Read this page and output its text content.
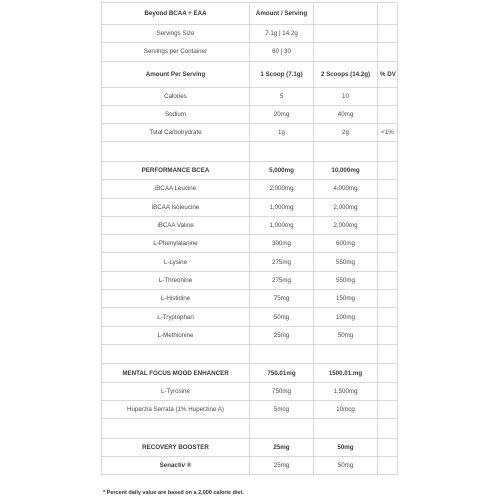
Beyond BCAA + EAA	Amount / Serving		
Servings Size	7.1g | 14.2g		
Servings per Container	60 | 30		
Amount Per Serving	1 Scoop (7.1g)	2 Scoops (14.2g)	% DV
Calories	5	10	
Sodium	20mg	40mg	
Total Carbohydrate	1g	2g	<1%

PERFORMANCE BCEA	5,000mg	10,000mg	
iBCAA Leucine	2,000mg	4,000mg	
iBCAA Isoleucine	1,000mg	2,000mg	
iBCAA Valine	1,000mg	2,000mg	
L-Phenylalanine	300mg	600mg	
L-Lysine	275mg	550mg	
L-Threonine	275mg	550mg	
L-Histidine	75mg	150mg	
L-Tryptophan	50mg	100mg	
L-Methionine	25mg	50mg	

MENTAL FOCUS MOOD ENHANCER	750.01mg	1500.01.mg	
L-Tyrosine	750mg	1,500mg	
Huperzia Serrata (1% Huperzine A)	5mcg	10mcg	

RECOVERY BOOSTER	25mg	50mg	
Senactiv ®	25mg	50mg	
* Percent daily value are based on a 2,000 calorie diet.
